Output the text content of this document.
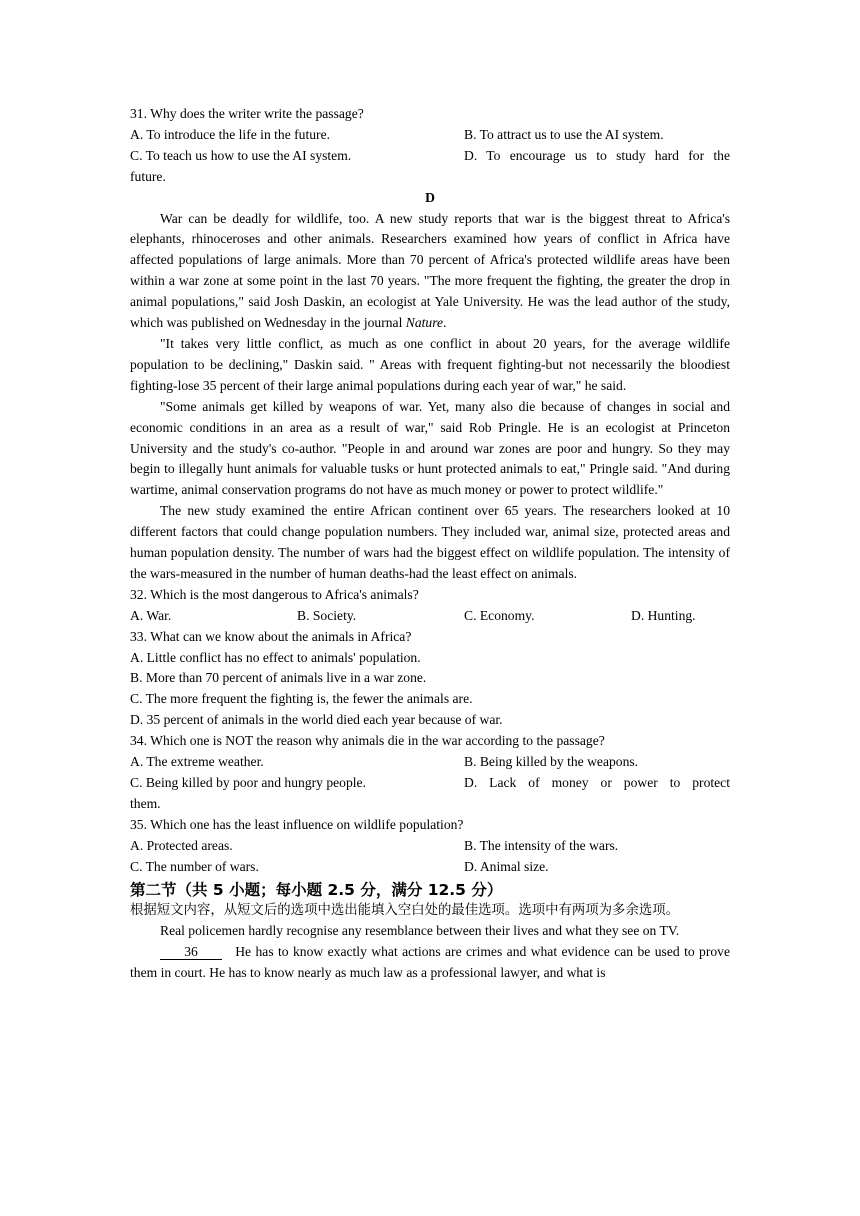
31. Why does the writer write the passage?

A. To introduce the life in the future.	B. To attract us to use the AI system.
C. To teach us how to use the AI system.	D. To encourage us to study hard for the

future.

D

War can be deadly for wildlife, too. A new study reports that war is the biggest threat to Africa's elephants, rhinoceroses and other animals. Researchers examined how years of conflict in Africa have affected populations of large animals. More than 70 percent of Africa's protected wildlife areas have been within a war zone at some point in the last 70 years. "The more frequent the fighting, the greater the drop in animal populations," said Josh Daskin, an ecologist at Yale University. He was the lead author of the study, which was published on Wednesday in the journal Nature.

"It takes very little conflict, as much as one conflict in about 20 years, for the average wildlife population to be declining," Daskin said. " Areas with frequent fighting-but not necessarily the bloodiest fighting-lose 35 percent of their large animal populations during each year of war," he said.

"Some animals get killed by weapons of war. Yet, many also die because of changes in social and economic conditions in an area as a result of war," said Rob Pringle. He is an ecologist at Princeton University and the study's co-author. "People in and around war zones are poor and hungry. So they may begin to illegally hunt animals for valuable tusks or hunt protected animals to eat," Pringle said. "And during wartime, animal conservation programs do not have as much money or power to protect wildlife."

The new study examined the entire African continent over 65 years. The researchers looked at 10 different factors that could change population numbers. They included war, animal size, protected areas and human population density. The number of wars had the biggest effect on wildlife population. The intensity of the wars-measured in the number of human deaths-had the least effect on animals.

32. Which is the most dangerous to Africa's animals?

A. War.	B. Society.	C. Economy.	D. Hunting.

33. What can we know about the animals in Africa?

A. Little conflict has no effect to animals' population.

B. More than 70 percent of animals live in a war zone.

C. The more frequent the fighting is, the fewer the animals are.

D. 35 percent of animals in the world died each year because of war.

34. Which one is NOT the reason why animals die in the war according to the passage?

A. The extreme weather.	B. Being killed by the weapons.
C. Being killed by poor and hungry people.	D. Lack of money or power to protect

them.

35. Which one has the least influence on wildlife population?

A. Protected areas.	B. The intensity of the wars.
C. The number of wars.	D. Animal size.

第二节（共 5 小题；每小题 2.5 分，满分 12.5 分）

根据短文内容，从短文后的选项中选出能填入空白处的最佳选项。选项中有两项为多余选项。

Real policemen hardly recognise any resemblance between their lives and what they see on TV.

36	He has to know exactly what actions are crimes and what evidence can be used to prove them in court. He has to know nearly as much law as a professional lawyer, and what is
